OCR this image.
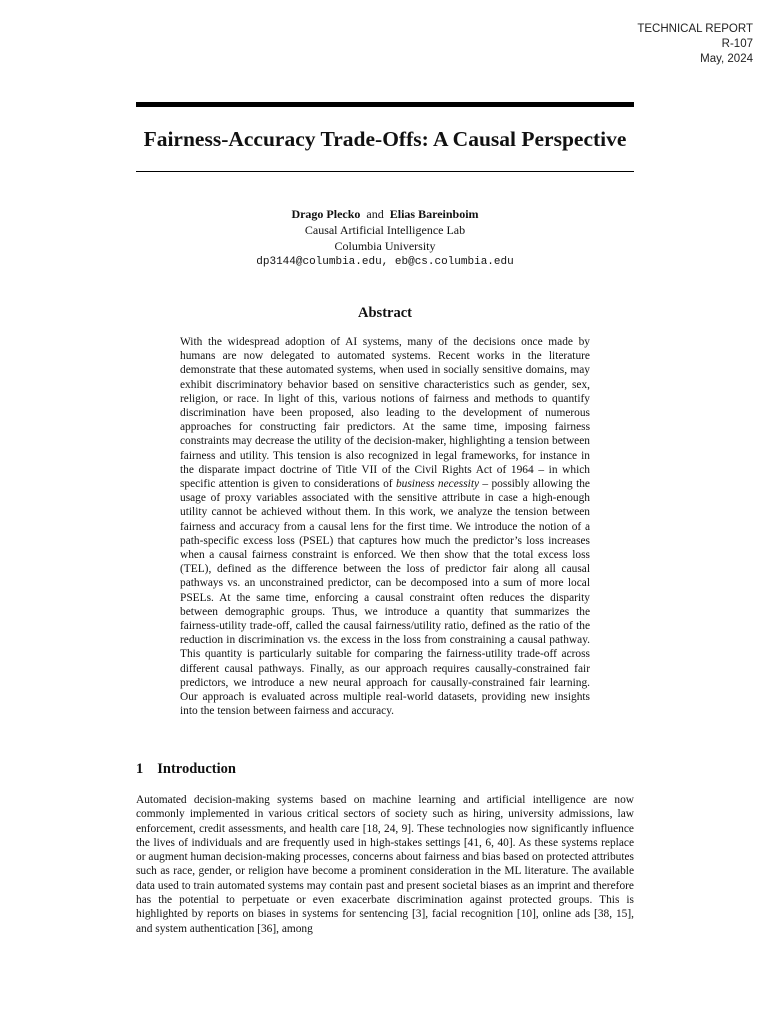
TECHNICAL REPORT
R-107
May, 2024
Fairness-Accuracy Trade-Offs: A Causal Perspective
Drago Plecko and Elias Bareinboim
Causal Artificial Intelligence Lab
Columbia University
dp3144@columbia.edu, eb@cs.columbia.edu
Abstract

With the widespread adoption of AI systems, many of the decisions once made by humans are now delegated to automated systems. Recent works in the literature demonstrate that these automated systems, when used in socially sensitive domains, may exhibit discriminatory behavior based on sensitive characteristics such as gender, sex, religion, or race. In light of this, various notions of fairness and methods to quantify discrimination have been proposed, also leading to the development of numerous approaches for constructing fair predictors. At the same time, imposing fairness constraints may decrease the utility of the decision-maker, highlighting a tension between fairness and utility. This tension is also recognized in legal frameworks, for instance in the disparate impact doctrine of Title VII of the Civil Rights Act of 1964 – in which specific attention is given to considerations of business necessity – possibly allowing the usage of proxy variables associated with the sensitive attribute in case a high-enough utility cannot be achieved without them. In this work, we analyze the tension between fairness and accuracy from a causal lens for the first time. We introduce the notion of a path-specific excess loss (PSEL) that captures how much the predictor’s loss increases when a causal fairness constraint is enforced. We then show that the total excess loss (TEL), defined as the difference between the loss of predictor fair along all causal pathways vs. an unconstrained predictor, can be decomposed into a sum of more local PSELs. At the same time, enforcing a causal constraint often reduces the disparity between demographic groups. Thus, we introduce a quantity that summarizes the fairness-utility trade-off, called the causal fairness/utility ratio, defined as the ratio of the reduction in discrimination vs. the excess in the loss from constraining a causal pathway. This quantity is particularly suitable for comparing the fairness-utility trade-off across different causal pathways. Finally, as our approach requires causally-constrained fair predictors, we introduce a new neural approach for causally-constrained fair learning. Our approach is evaluated across multiple real-world datasets, providing new insights into the tension between fairness and accuracy.

1 Introduction

Automated decision-making systems based on machine learning and artificial intelligence are now commonly implemented in various critical sectors of society such as hiring, university admissions, law enforcement, credit assessments, and health care [18, 24, 9]. These technologies now significantly influence the lives of individuals and are frequently used in high-stakes settings [41, 6, 40]. As these systems replace or augment human decision-making processes, concerns about fairness and bias based on protected attributes such as race, gender, or religion have become a prominent consideration in the ML literature. The available data used to train automated systems may contain past and present societal biases as an imprint and therefore has the potential to perpetuate or even exacerbate discrimination against protected groups. This is highlighted by reports on biases in systems for sentencing [3], facial recognition [10], online ads [38, 15], and system authentication [36], among
